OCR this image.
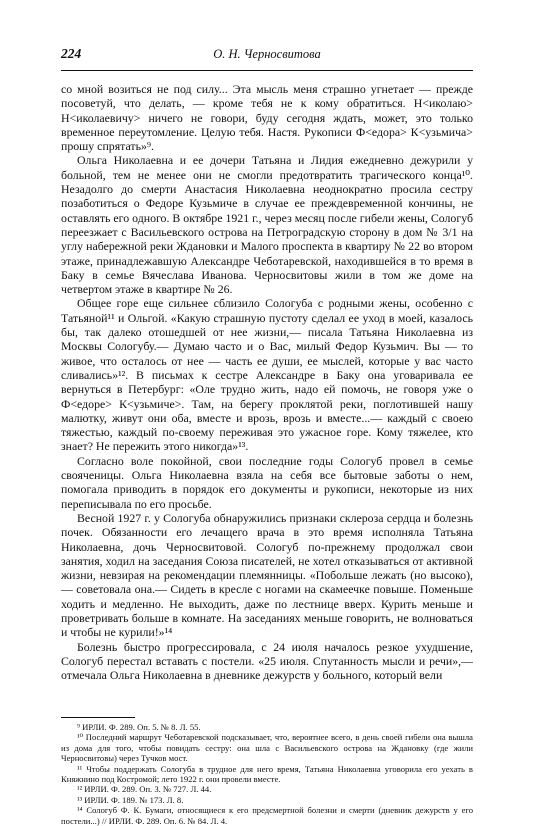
224	О. Н. Черносвитова

со мной возиться не под силу... Эта мысль меня страшно угнетает — прежде посоветуй, что делать, — кроме тебя не к кому обратиться. Н<иколаю> Н<иколаевичу> ничего не говори, буду сегодня ждать, может, это только временное переутомление. Целую тебя. Настя. Рукописи Ф<едора> К<узьмича> прошу спрятать»⁹.

Ольга Николаевна и ее дочери Татьяна и Лидия ежедневно дежурили у больной, тем не менее они не смогли предотвратить трагического конца¹⁰. Незадолго до смерти Анастасия Николаевна неоднократно просила сестру позаботиться о Федоре Кузьмиче в случае ее преждевременной кончины, не оставлять его одного. В октябре 1921 г., через месяц после гибели жены, Сологуб переезжает с Васильевского острова на Петроградскую сторону в дом № 3/1 на углу набережной реки Ждановки и Малого проспекта в квартиру № 22 во втором этаже, принадлежавшую Александре Чеботаревской, находившейся в то время в Баку в семье Вячеслава Иванова. Черносвитовы жили в том же доме на четвертом этаже в квартире № 26.

Общее горе еще сильнее сблизило Сологуба с родными жены, особенно с Татьяной¹¹ и Ольгой. «Какую страшную пустоту сделал ее уход в моей, казалось бы, так далеко отошедшей от нее жизни,— писала Татьяна Николаевна из Москвы Сологубу.— Думаю часто и о Вас, милый Федор Кузьмич. Вы — то живое, что осталось от нее — часть ее души, ее мыслей, которые у вас часто сливались»¹². В письмах к сестре Александре в Баку она уговаривала ее вернуться в Петербург: «Оле трудно жить, надо ей помочь, не говоря уже о Ф<едоре> К<узьмиче>. Там, на берегу проклятой реки, поглотившей нашу малютку, живут они оба, вместе и врозь, врозь и вместе...— каждый с своею тяжестью, каждый по-своему переживая это ужасное горе. Кому тяжелее, кто знает? Не пережить этого никогда»¹³.

Согласно воле покойной, свои последние годы Сологуб провел в семье свояченицы. Ольга Николаевна взяла на себя все бытовые заботы о нем, помогала приводить в порядок его документы и рукописи, некоторые из них переписывала по его просьбе.

Весной 1927 г. у Сологуба обнаружились признаки склероза сердца и болезнь почек. Обязанности его лечащего врача в это время исполняла Татьяна Николаевна, дочь Черносвитовой. Сологуб по-прежнему продолжал свои занятия, ходил на заседания Союза писателей, не хотел отказываться от активной жизни, невзирая на рекомендации племянницы. «Побольше лежать (но высоко),— советовала она.— Сидеть в кресле с ногами на скамеечке повыше. Поменьше ходить и медленно. Не выходить, даже по лестнице вверх. Курить меньше и проветривать больше в комнате. На заседаниях меньше говорить, не волноваться и чтобы не курили!»¹⁴

Болезнь быстро прогрессировала, с 24 июля началось резкое ухудшение, Сологуб перестал вставать с постели. «25 июля. Спутанность мысли и речи»,— отмечала Ольга Николаевна в дневнике дежурств у больного, который вели

⁹ ИРЛИ. Ф. 289. Оп. 5. № 8. Л. 55.

¹⁰ Последний маршрут Чеботаревской подсказывает, что, вероятнее всего, в день своей гибели она вышла из дома для того, чтобы повидать сестру: она шла с Васильевского острова на Ждановку (где жили Черносвитовы) через Тучков мост.

¹¹ Чтобы поддержать Сологуба в трудное для него время, Татьяна Николаевна уговорила его уехать в Княжнино под Костромой; лето 1922 г. они провели вместе.

¹² ИРЛИ. Ф. 289. Оп. 3. № 727. Л. 44.

¹³ ИРЛИ. Ф. 189. № 173. Л. 8.

¹⁴ Сологуб Ф. К. Бумаги, относящиеся к его предсмертной болезни и смерти (дневник дежурств у его постели...) // ИРЛИ. Ф. 289. Оп. 6. № 84. Л. 4.
